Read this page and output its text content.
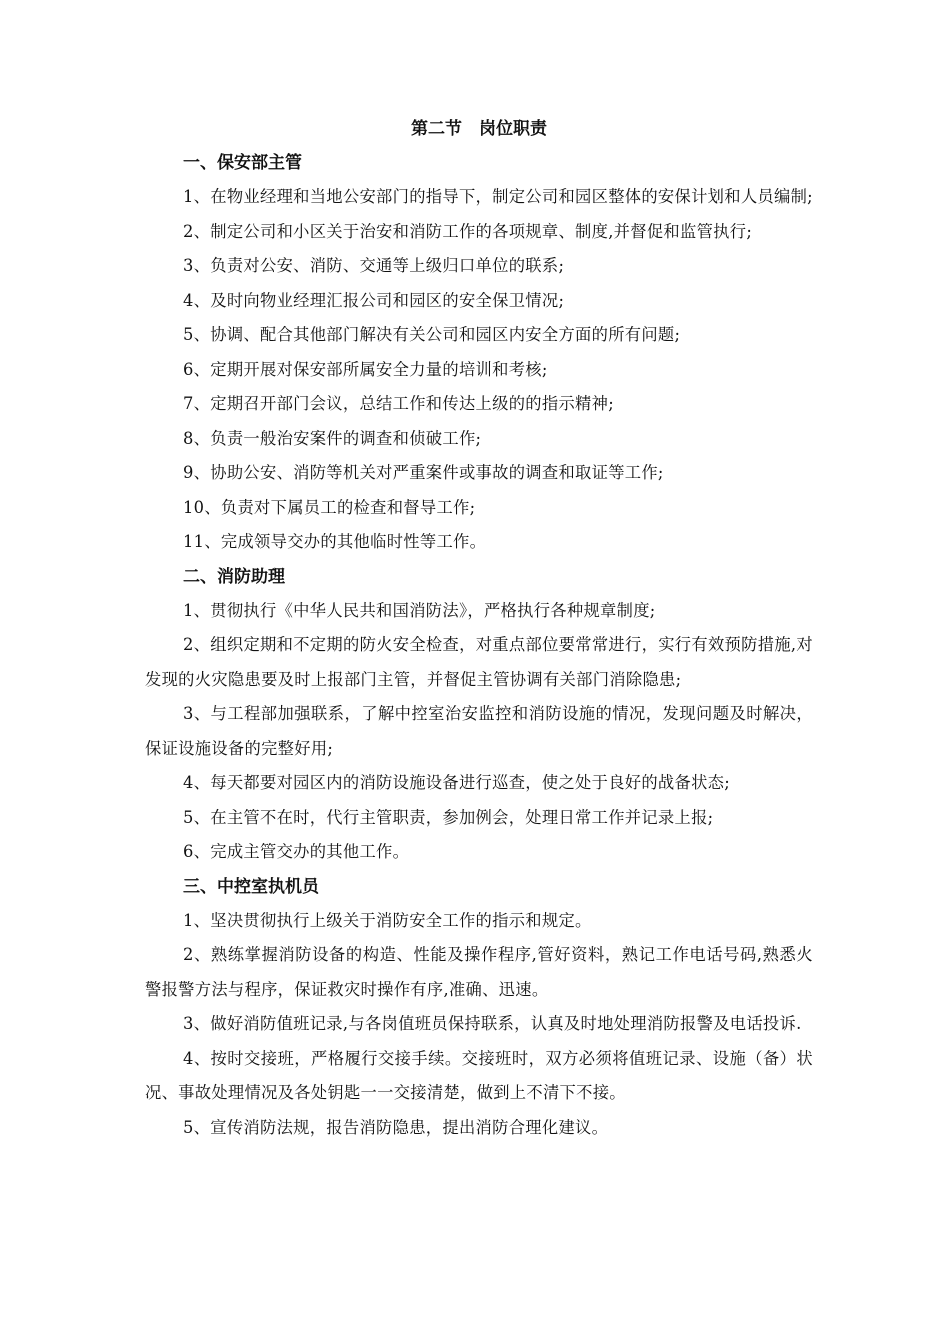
第二节　岗位职责
一、保安部主管

1、在物业经理和当地公安部门的指导下，制定公司和园区整体的安保计划和人员编制;

2、制定公司和小区关于治安和消防工作的各项规章、制度,并督促和监管执行;

3、负责对公安、消防、交通等上级归口单位的联系;

4、及时向物业经理汇报公司和园区的安全保卫情况;

5、协调、配合其他部门解决有关公司和园区内安全方面的所有问题;

6、定期开展对保安部所属安全力量的培训和考核;

7、定期召开部门会议，总结工作和传达上级的的指示精神;

8、负责一般治安案件的调查和侦破工作;

9、协助公安、消防等机关对严重案件或事故的调查和取证等工作;

10、负责对下属员工的检查和督导工作;

11、完成领导交办的其他临时性等工作。

二、消防助理

1、贯彻执行《中华人民共和国消防法》，严格执行各种规章制度;

2、组织定期和不定期的防火安全检查，对重点部位要常常进行，实行有效预防措施,对发现的火灾隐患要及时上报部门主管，并督促主管协调有关部门消除隐患;

3、与工程部加强联系，了解中控室治安监控和消防设施的情况，发现问题及时解决，保证设施设备的完整好用;

4、每天都要对园区内的消防设施设备进行巡查，使之处于良好的战备状态;

5、在主管不在时，代行主管职责，参加例会，处理日常工作并记录上报;

6、完成主管交办的其他工作。

三、中控室执机员

1、坚决贯彻执行上级关于消防安全工作的指示和规定。

2、熟练掌握消防设备的构造、性能及操作程序,管好资料，熟记工作电话号码,熟悉火警报警方法与程序，保证救灾时操作有序,准确、迅速。

3、做好消防值班记录,与各岗值班员保持联系，认真及时地处理消防报警及电话投诉.

4、按时交接班，严格履行交接手续。交接班时，双方必须将值班记录、设施（备）状况、事故处理情况及各处钥匙一一交接清楚，做到上不清下不接。

5、宣传消防法规，报告消防隐患，提出消防合理化建议。
